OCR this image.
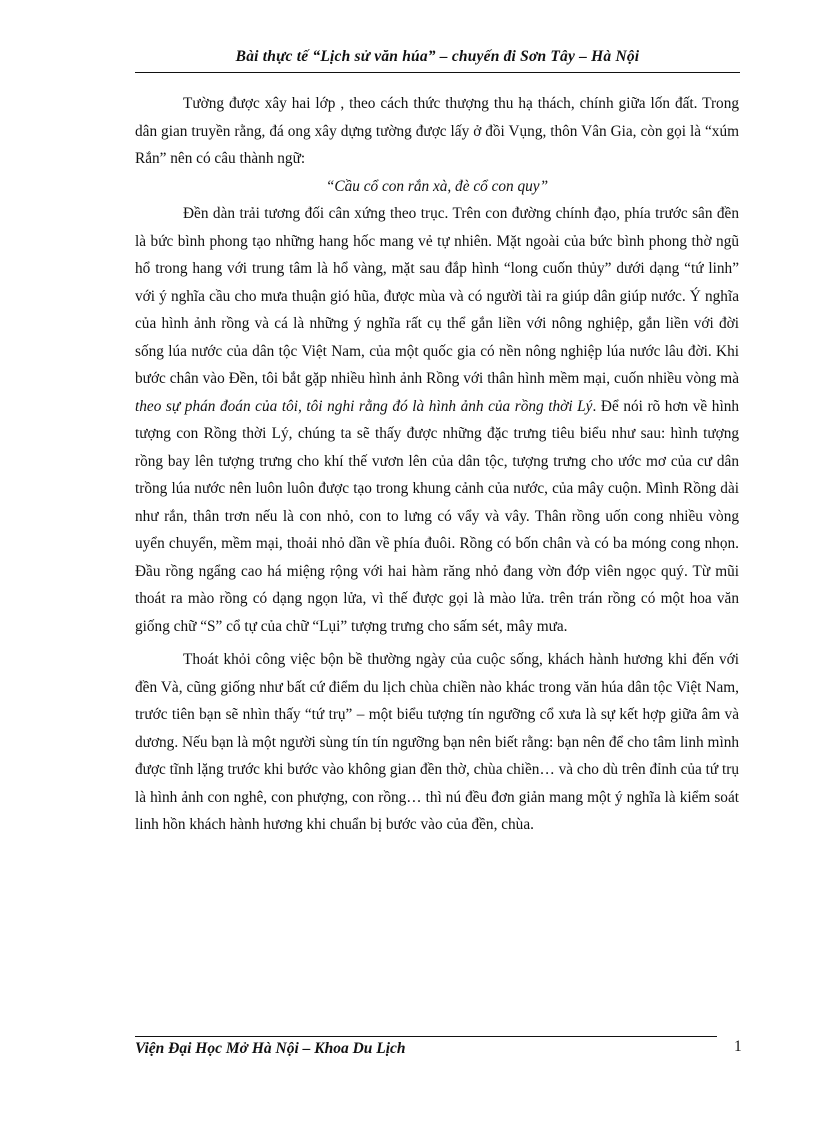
Bài thực tế “Lịch sử văn húa” – chuyến đi Sơn Tây – Hà Nội

Tường được xây hai lớp , theo cách thức thượng thu hạ thách, chính giữa lốn đất. Trong dân gian truyền rằng, đá ong xây dựng tường được lấy ở đồi Vụng, thôn Vân Gia, còn gọi là “xúm Rắn” nên có câu thành ngữ:

“Cầu cổ con rắn xà, đè cổ con quy”

Đền dàn trải tương đối cân xứng theo trục. Trên con đường chính đạo, phía trước sân đền là bức bình phong tạo những hang hốc mang vẻ tự nhiên. Mặt ngoài của bức bình phong thờ ngũ hổ trong hang với trung tâm là hổ vàng, mặt sau đắp hình “long cuốn thủy” dưới dạng “tứ linh” với ý nghĩa cầu cho mưa thuận gió hũa, được mùa và có người tài ra giúp dân giúp nước. Ý nghĩa của hình ảnh rồng và cá là những ý nghĩa rất cụ thể gắn liền với nông nghiệp, gắn liền với đời sống lúa nước của dân tộc Việt Nam, của một quốc gia có nền nông nghiệp lúa nước lâu đời. Khi bước chân vào Đền, tôi bắt gặp nhiều hình ảnh Rồng với thân hình mềm mại, cuốn nhiều vòng mà theo sự phán đoán của tôi, tôi nghi rằng đó là hình ảnh của rồng thời Lý. Để nói rõ hơn về hình tượng con Rồng thời Lý, chúng ta sẽ thấy được những đặc trưng tiêu biểu như sau: hình tượng rồng bay lên tượng trưng cho khí thế vươn lên của dân tộc, tượng trưng cho ước mơ của cư dân trồng lúa nước nên luôn luôn được tạo trong khung cảnh của nước, của mây cuộn. Mình Rồng dài như rắn, thân trơn nếu là con nhỏ, con to lưng có vẩy và vây. Thân rồng uốn cong nhiều vòng uyển chuyển, mềm mại, thoải nhỏ dần về phía đuôi. Rồng có bốn chân và có ba móng cong nhọn. Đầu rồng ngẩng cao há miệng rộng với hai hàm răng nhỏ đang vờn đớp viên ngọc quý. Từ mũi thoát ra mào rồng có dạng ngọn lửa, vì thế được gọi là mào lửa. trên trán rồng có một hoa văn giống chữ “S” cổ tự của chữ “Lụi” tượng trưng cho sấm sét, mây mưa.

Thoát khỏi công việc bộn bề thường ngày của cuộc sống, khách hành hương khi đến với đền Và, cũng giống như bất cứ điểm du lịch chùa chiền nào khác trong văn húa dân tộc Việt Nam, trước tiên bạn sẽ nhìn thấy “tứ trụ” – một biểu tượng tín ngưỡng cổ xưa là sự kết hợp giữa âm và dương. Nếu bạn là một người sùng tín tín ngưỡng bạn nên biết rằng: bạn nên để cho tâm linh mình được tĩnh lặng trước khi bước vào không gian đền thờ, chùa chiền… và cho dù trên đỉnh của tứ trụ là hình ảnh con nghê, con phượng, con rồng… thì nú đều đơn giản mang một ý nghĩa là kiểm soát linh hồn khách hành hương khi chuẩn bị bước vào của đền, chùa.

Viện Đại Học Mở Hà Nội – Khoa Du Lịch	1
